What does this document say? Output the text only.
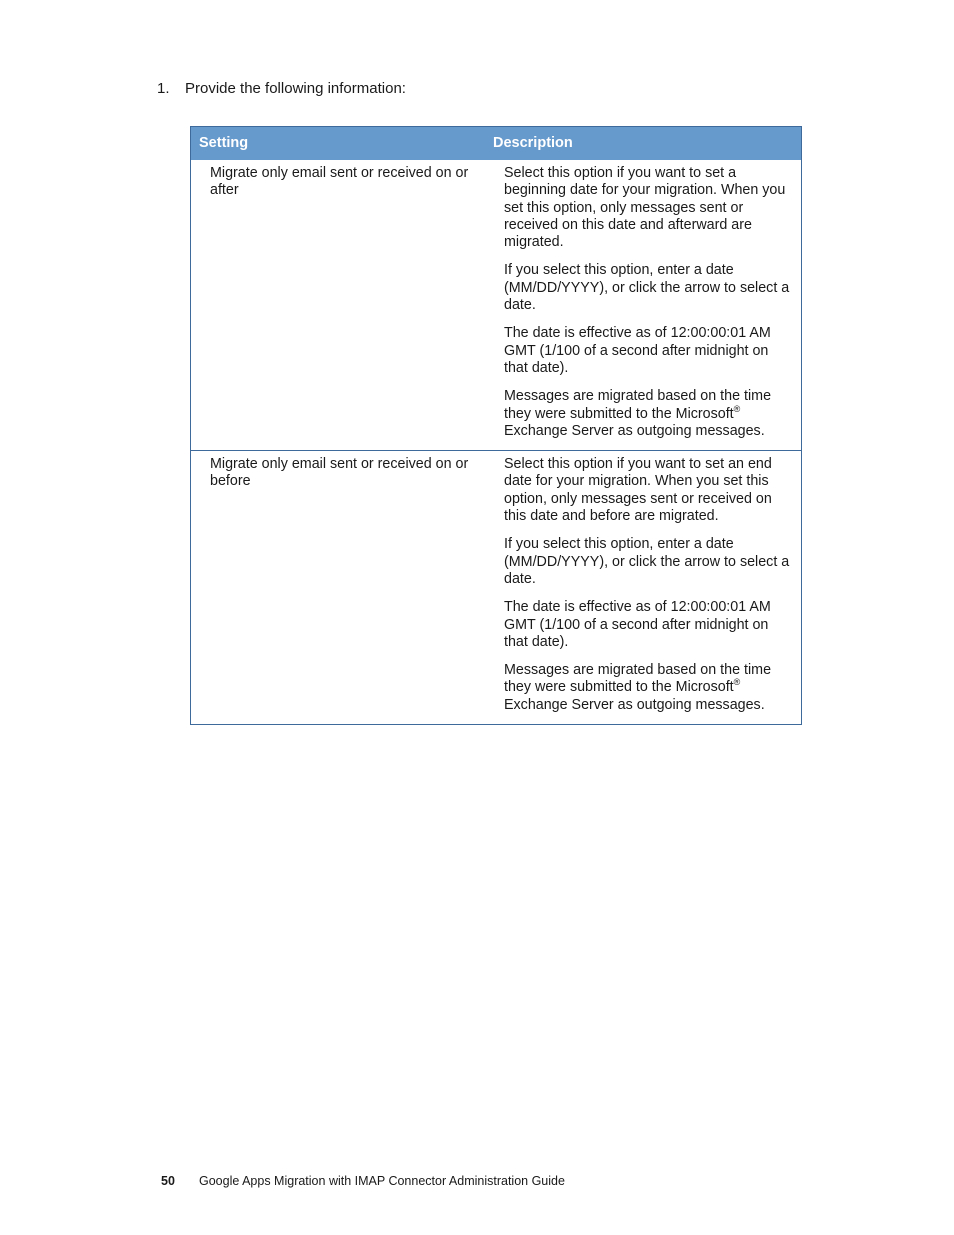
1. Provide the following information:
Setting	Description
Migrate only email sent or received on or after	Select this option if you want to set a beginning date for your migration. When you set this option, only messages sent or received on this date and afterward are migrated.

If you select this option, enter a date (MM/DD/YYYY), or click the arrow to select a date.

The date is effective as of 12:00:00:01 AM GMT (1/100 of a second after midnight on that date).

Messages are migrated based on the time they were submitted to the Microsoft® Exchange Server as outgoing messages.

Migrate only email sent or received on or before	Select this option if you want to set an end date for your migration. When you set this option, only messages sent or received on this date and before are migrated.

If you select this option, enter a date (MM/DD/YYYY), or click the arrow to select a date.

The date is effective as of 12:00:00:01 AM GMT (1/100 of a second after midnight on that date).

Messages are migrated based on the time they were submitted to the Microsoft® Exchange Server as outgoing messages.

50 Google Apps Migration with IMAP Connector Administration Guide
